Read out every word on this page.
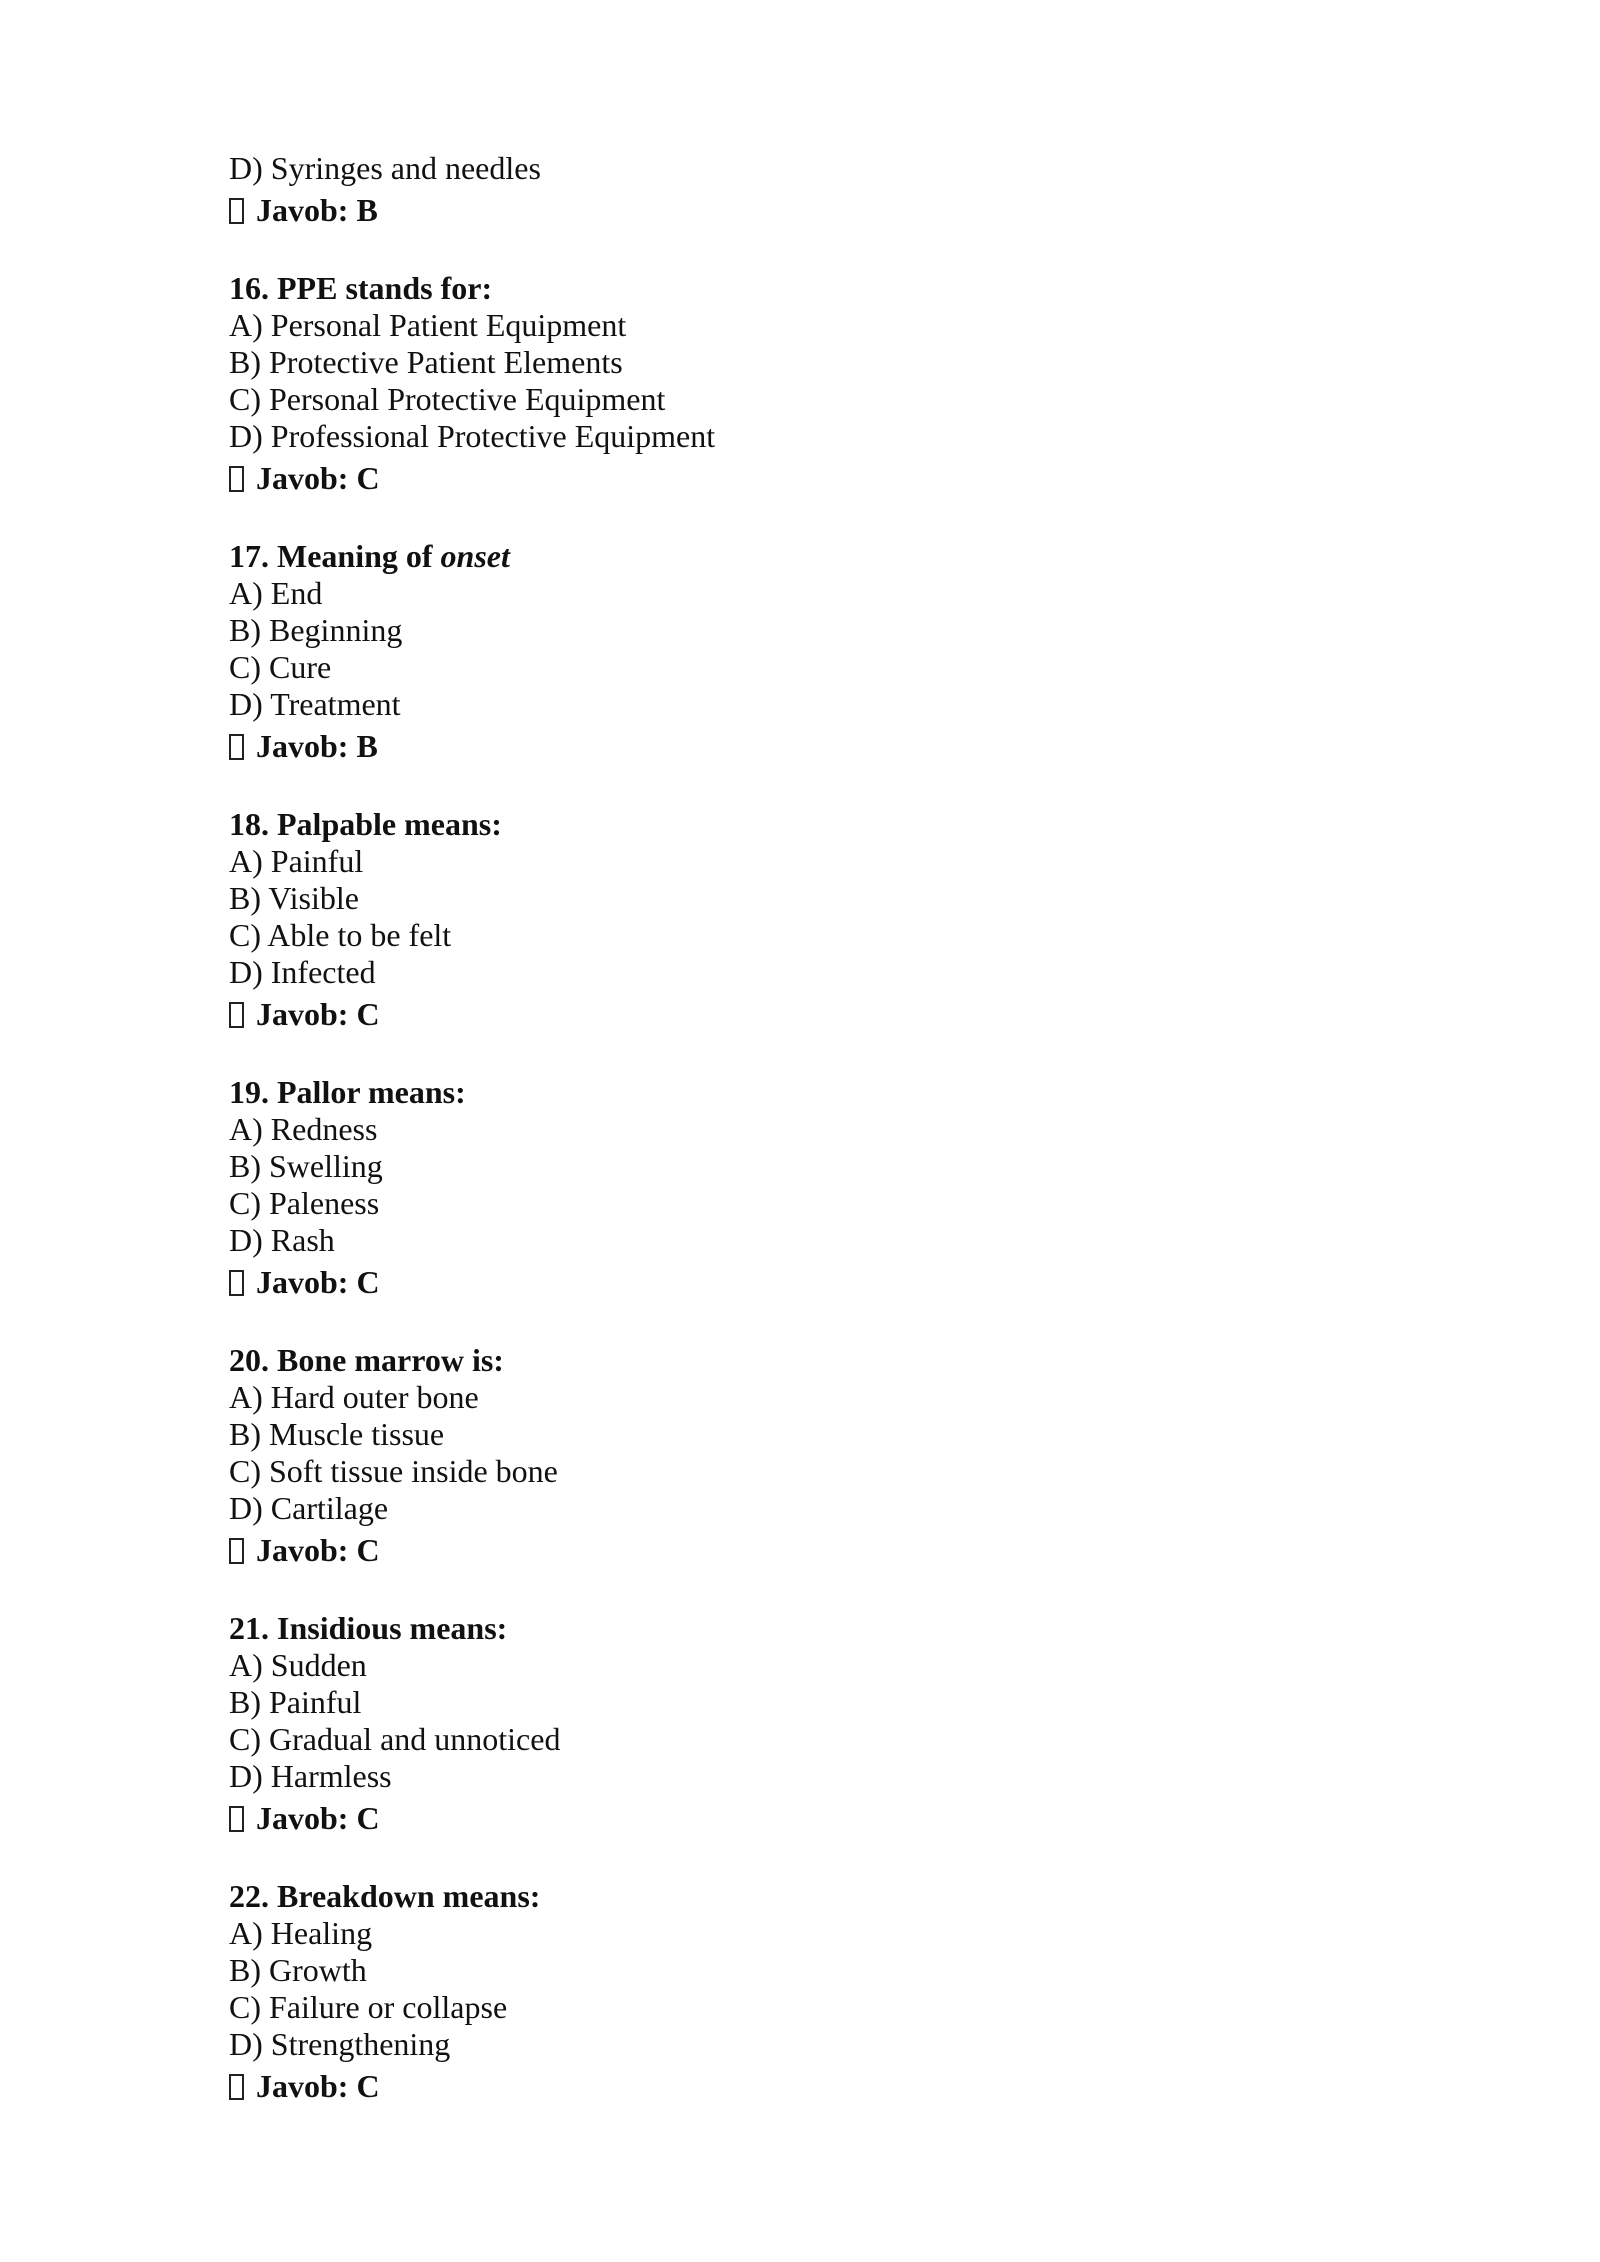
D) Syringes and needles
Javob: B
16. PPE stands for:
A) Personal Patient Equipment
B) Protective Patient Elements
C) Personal Protective Equipment
D) Professional Protective Equipment
Javob: C
17. Meaning of onset
A) End
B) Beginning
C) Cure
D) Treatment
Javob: B
18. Palpable means:
A) Painful
B) Visible
C) Able to be felt
D) Infected
Javob: C
19. Pallor means:
A) Redness
B) Swelling
C) Paleness
D) Rash
Javob: C
20. Bone marrow is:
A) Hard outer bone
B) Muscle tissue
C) Soft tissue inside bone
D) Cartilage
Javob: C
21. Insidious means:
A) Sudden
B) Painful
C) Gradual and unnoticed
D) Harmless
Javob: C
22. Breakdown means:
A) Healing
B) Growth
C) Failure or collapse
D) Strengthening
Javob: C
